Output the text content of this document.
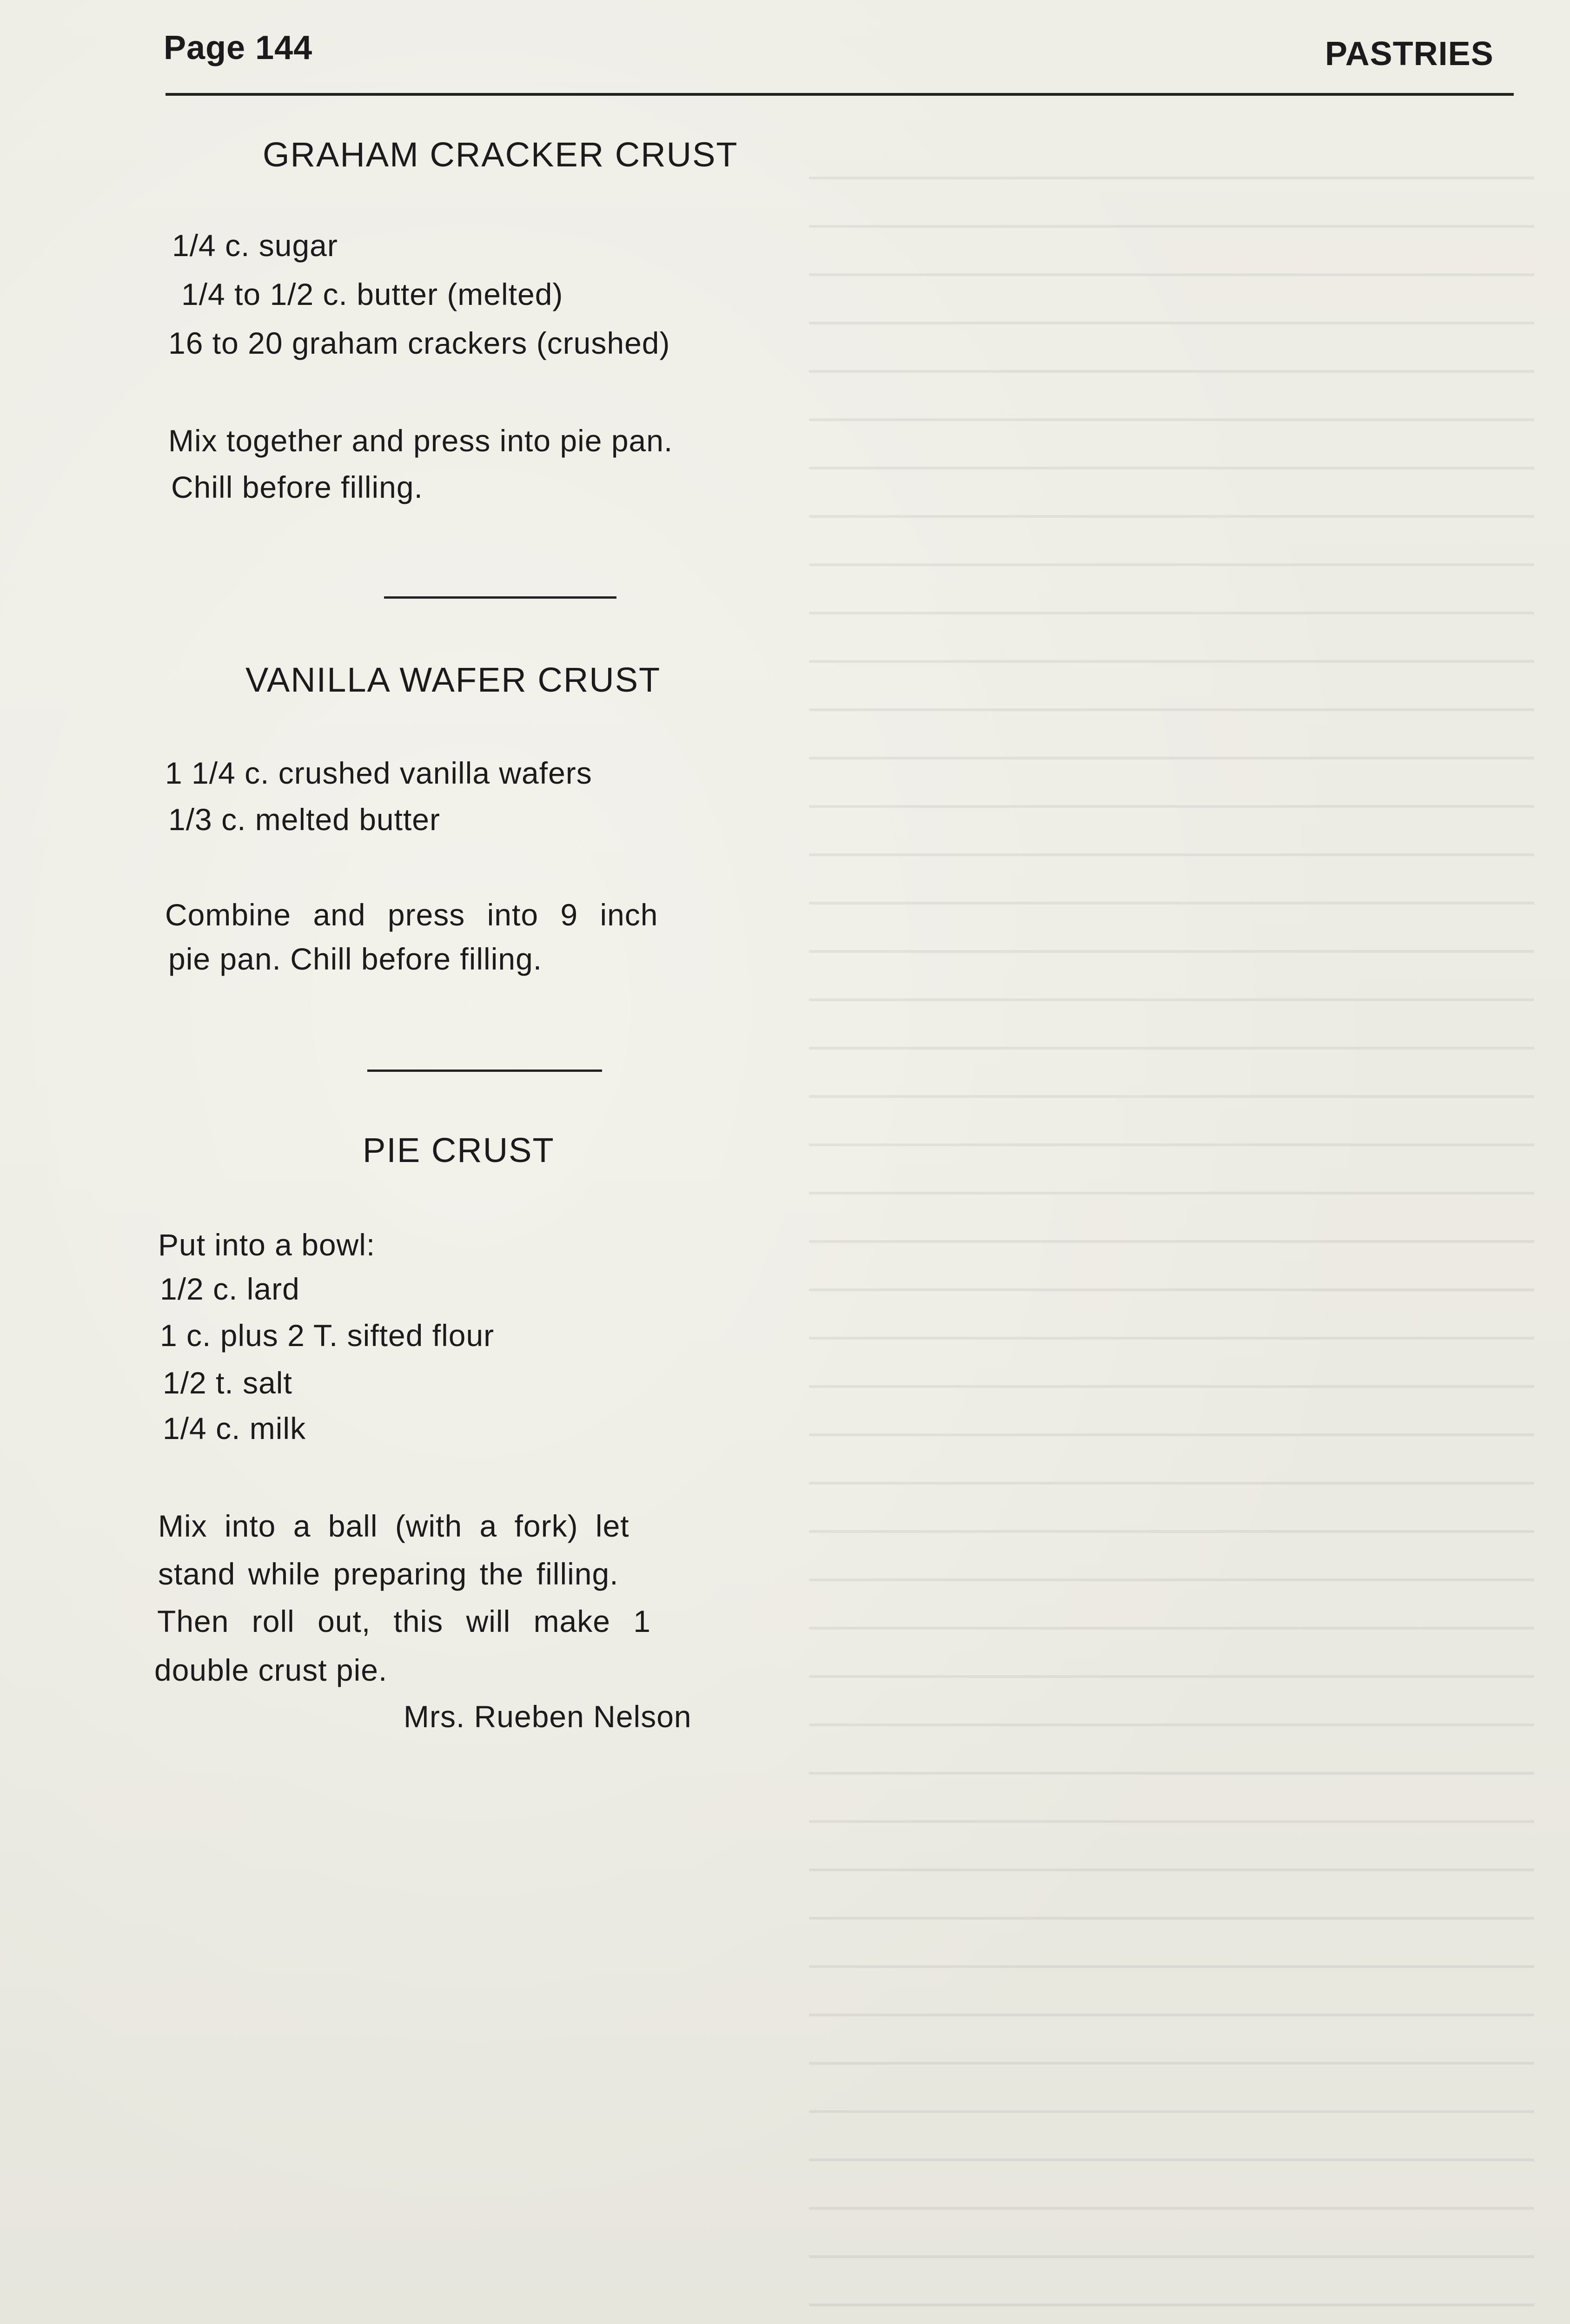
Page 144	PASTRIES
GRAHAM CRACKER CRUST
1/4 c. sugar
1/4 to 1/2 c. butter (melted)
16 to 20 graham crackers (crushed)
Mix together and press into pie pan.
Chill before filling.
VANILLA WAFER CRUST
1 1/4 c. crushed vanilla wafers
1/3 c. melted butter
Combine and press into 9 inch
pie pan. Chill before filling.
PIE CRUST
Put into a bowl:
1/2 c. lard
1 c. plus 2 T. sifted flour
1/2 t. salt
1/4 c. milk
Mix into a ball (with a fork) let
stand while preparing the filling.
Then roll out, this will make 1
double crust pie.
Mrs. Rueben Nelson
